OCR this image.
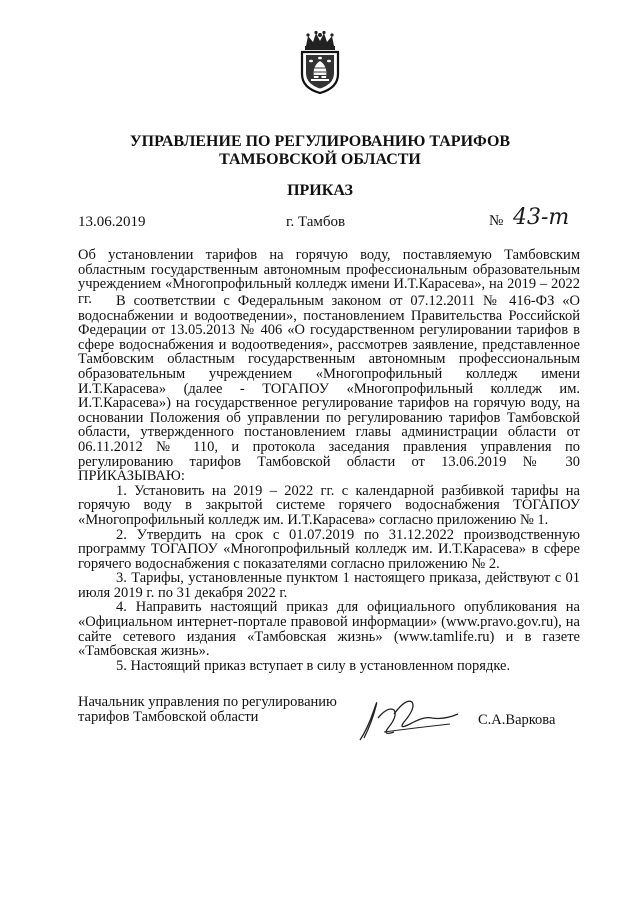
УПРАВЛЕНИЕ ПО РЕГУЛИРОВАНИЮ ТАРИФОВ
ТАМБОВСКОЙ ОБЛАСТИ
ПРИКАЗ
13.06.2019	г. Тамбов	№ 43-т
Об установлении тарифов на горячую воду, поставляемую Тамбовским областным государственным автономным профессиональным образовательным учреждением «Многопрофильный колледж имени И.Т.Карасева», на 2019 – 2022 гг.	В соответствии с Федеральным законом от 07.12.2011 № 416-ФЗ «О водоснабжении и водоотведении», постановлением Правительства Российской Федерации от 13.05.2013 № 406 «О государственном регулировании тарифов в сфере водоснабжения и водоотведения», рассмотрев заявление, представленное Тамбовским областным государственным автономным профессиональным образовательным учреждением «Многопрофильный колледж имени И.Т.Карасева» (далее - ТОГАПОУ «Многопрофильный колледж им. И.Т.Карасева») на государственное регулирование тарифов на горячую воду, на основании Положения об управлении по регулированию тарифов Тамбовской области, утвержденного постановлением главы администрации области от 06.11.2012 № 110, и протокола заседания правления управления по регулированию тарифов Тамбовской области от 13.06.2019 № 30 ПРИКАЗЫВАЮ:

1. Установить на 2019 – 2022 гг. с календарной разбивкой тарифы на горячую воду в закрытой системе горячего водоснабжения ТОГАПОУ «Многопрофильный колледж им. И.Т.Карасева» согласно приложению № 1.

2. Утвердить на срок с 01.07.2019 по 31.12.2022 производственную программу ТОГАПОУ «Многопрофильный колледж им. И.Т.Карасева» в сфере горячего водоснабжения с показателями согласно приложению № 2.

3. Тарифы, установленные пунктом 1 настоящего приказа, действуют с 01 июля 2019 г. по 31 декабря 2022 г.

4. Направить настоящий приказ для официального опубликования на «Официальном интернет-портале правовой информации» (www.pravo.gov.ru), на сайте сетевого издания «Тамбовская жизнь» (www.tamlife.ru) и в газете «Тамбовская жизнь».

5. Настоящий приказ вступает в силу в установленном порядке.

Начальник управления по регулированию
тарифов Тамбовской области	С.А.Варкова
